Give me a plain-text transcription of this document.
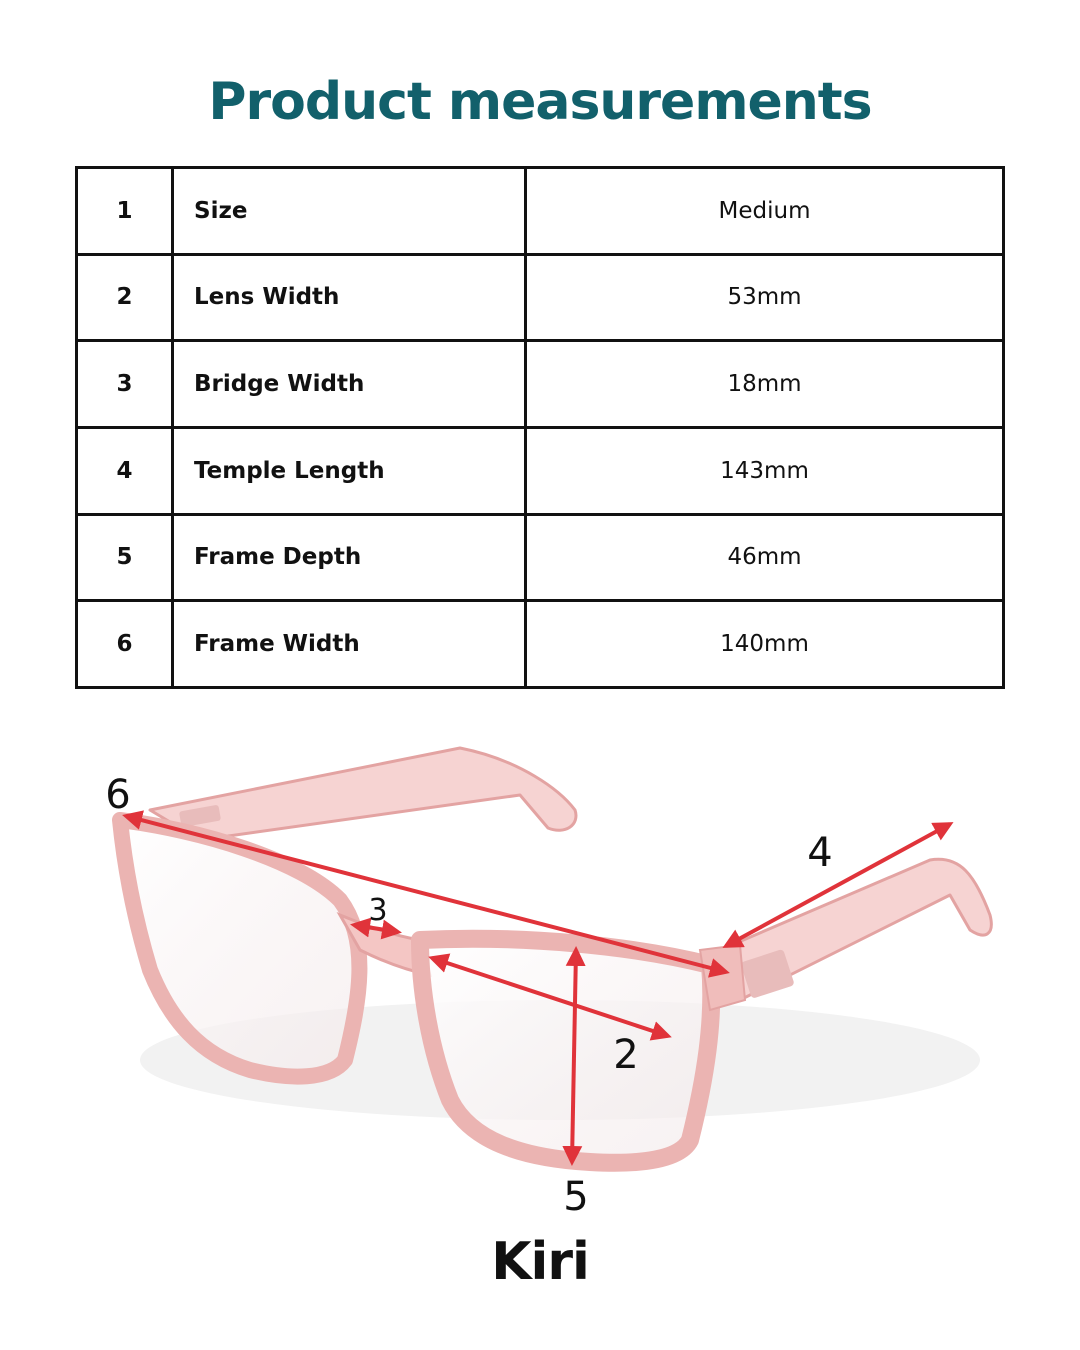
Product measurements
1	Size	Medium
2	Lens Width	53mm
3	Bridge Width	18mm
4	Temple Length	143mm
5	Frame Depth	46mm
6	Frame Width	140mm
6
4
3
2
5
Kiri
